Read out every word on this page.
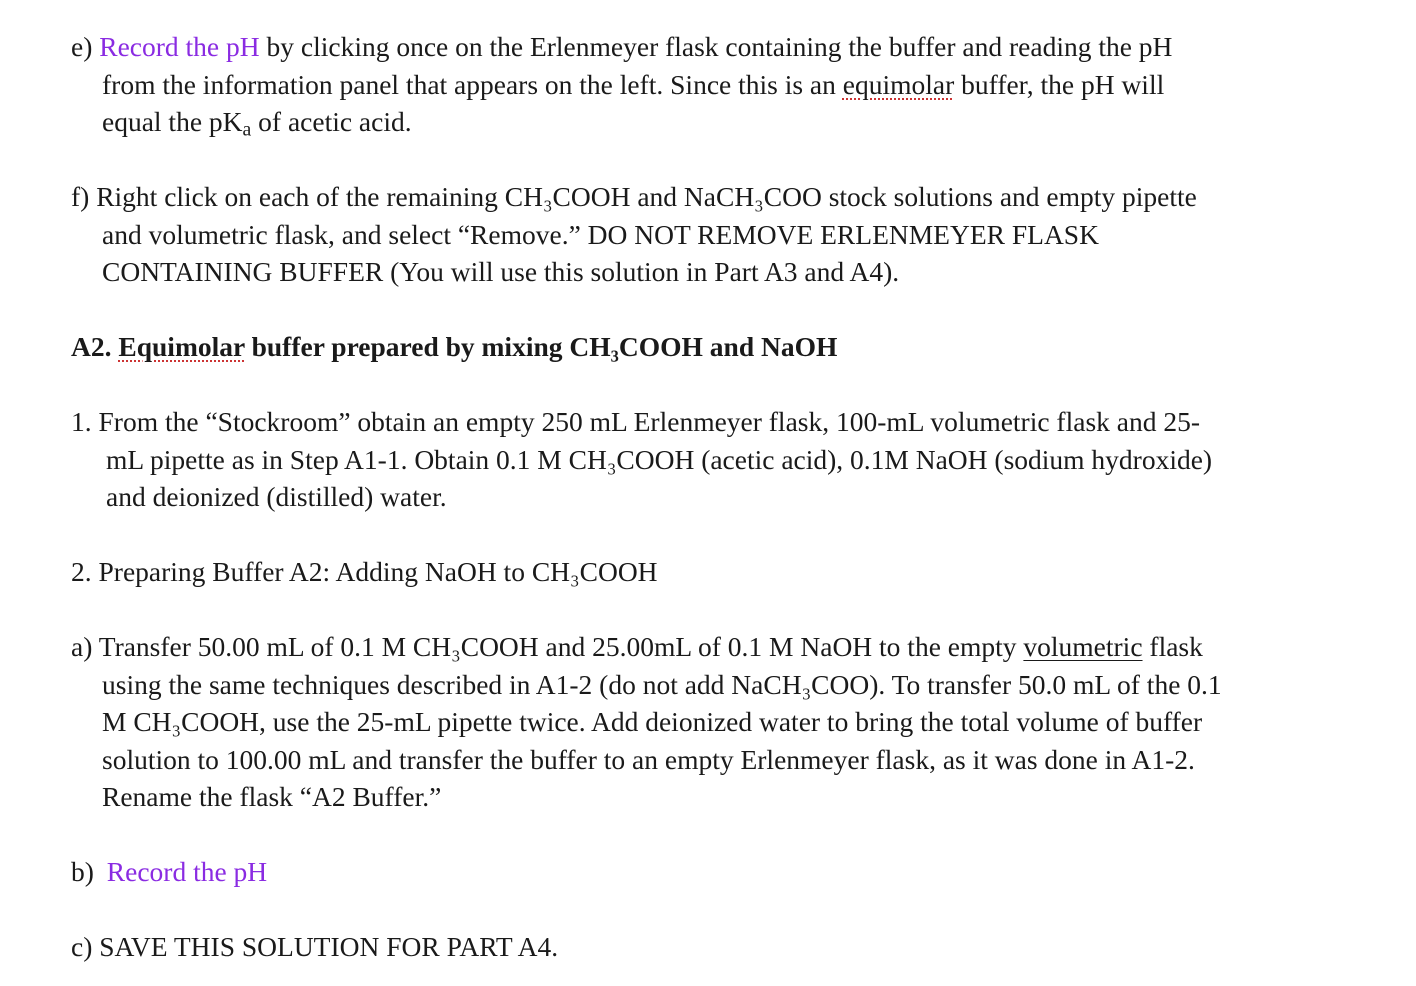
e) Record the pH by clicking once on the Erlenmeyer flask containing the buffer and reading the pH
from the information panel that appears on the left. Since this is an equimolar buffer, the pH will
equal the $pK_a$ of acetic acid.
f) Right click on each of the remaining CH₃COOH and NaCH₃COO stock solutions and empty pipette
and volumetric flask, and select “Remove.” DO NOT REMOVE ERLENMEYER FLASK
CONTAINING BUFFER (You will use this solution in Part A3 and A4).
A2. Equimolar buffer prepared by mixing CH₃COOH and NaOH
1. From the “Stockroom” obtain an empty 250 mL Erlenmeyer flask, 100-mL volumetric flask and 25-
mL pipette as in Step A1-1. Obtain 0.1 M CH₃COOH (acetic acid), 0.1M NaOH (sodium hydroxide)
and deionized (distilled) water.
2. Preparing Buffer A2: Adding NaOH to CH₃COOH
a) Transfer 50.00 mL of 0.1 M CH₃COOH and 25.00mL of 0.1 M NaOH to the empty volumetric flask
using the same techniques described in A1-2 (do not add NaCH₃COO). To transfer 50.0 mL of the 0.1
M CH₃COOH, use the 25-mL pipette twice. Add deionized water to bring the total volume of buffer
solution to 100.00 mL and transfer the buffer to an empty Erlenmeyer flask, as it was done in A1-2.
Rename the flask “A2 Buffer.”
b) Record the pH
c) SAVE THIS SOLUTION FOR PART A4.
